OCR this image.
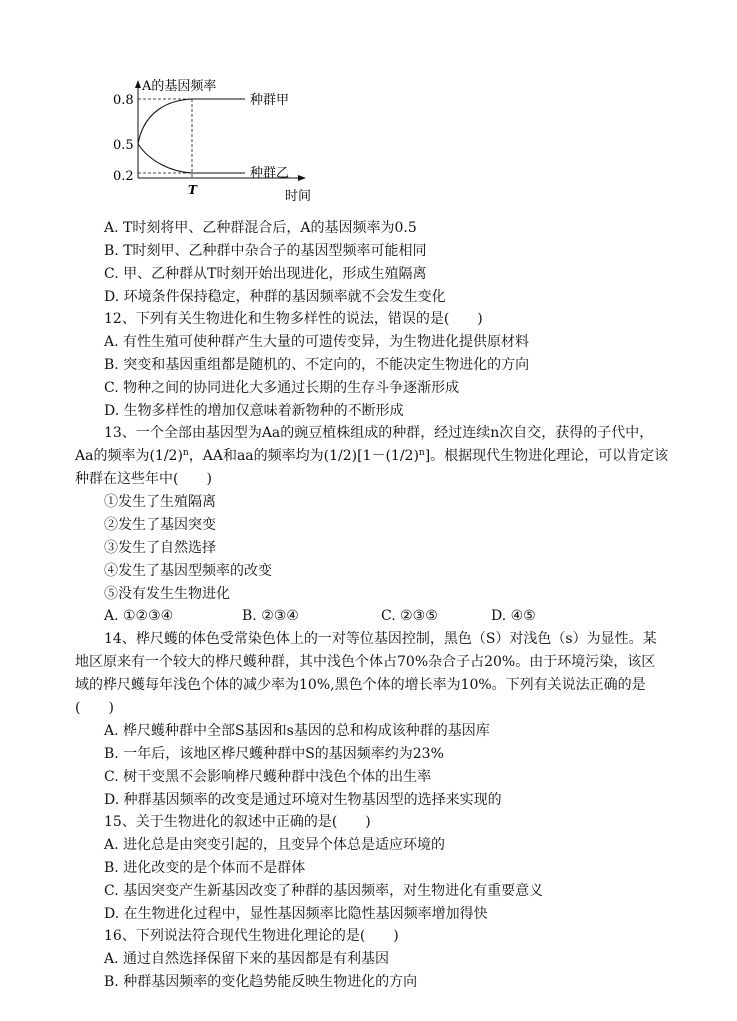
A的基因频率
时间
0.8
0.5
0.2
T
种群甲
种群乙
A. T时刻将甲、乙种群混合后，A的基因频率为0.5
B. T时刻甲、乙种群中杂合子的基因型频率可能相同
C. 甲、乙种群从T时刻开始出现进化，形成生殖隔离
D. 环境条件保持稳定，种群的基因频率就不会发生变化
12、下列有关生物进化和生物多样性的说法，错误的是(　　)
A. 有性生殖可使种群产生大量的可遗传变异，为生物进化提供原材料
B. 突变和基因重组都是随机的、不定向的，不能决定生物进化的方向
C. 物种之间的协同进化大多通过长期的生存斗争逐渐形成
D. 生物多样性的增加仅意味着新物种的不断形成
13、一个全部由基因型为Aa的豌豆植株组成的种群，经过连续n次自交，获得的子代中，
Aa的频率为$(1/2)^n$，AA和aa的频率均为$(1/2)[1-(1/2)^n]$。根据现代生物进化理论，可以肯定该
种群在这些年中(　　)
①发生了生殖隔离
②发生了基因突变
③发生了自然选择
④发生了基因型频率的改变
⑤没有发生生物进化
A. ①②③④	B. ②③④	C. ②③⑤	D. ④⑤
14、桦尺蠖的体色受常染色体上的一对等位基因控制，黑色（S）对浅色（s）为显性。某
地区原来有一个较大的桦尺蠖种群，其中浅色个体占70%杂合子占20%。由于环境污染，该区
域的桦尺蠖每年浅色个体的减少率为10%,黑色个体的增长率为10%。下列有关说法正确的是
(　　)
A. 桦尺蠖种群中全部S基因和s基因的总和构成该种群的基因库
B. 一年后，该地区桦尺蠖种群中S的基因频率约为23%
C. 树干变黑不会影响桦尺蠖种群中浅色个体的出生率
D. 种群基因频率的改变是通过环境对生物基因型的选择来实现的
15、关于生物进化的叙述中正确的是(　　)
A. 进化总是由突变引起的，且变异个体总是适应环境的
B. 进化改变的是个体而不是群体
C. 基因突变产生新基因改变了种群的基因频率，对生物进化有重要意义
D. 在生物进化过程中，显性基因频率比隐性基因频率增加得快
16、下列说法符合现代生物进化理论的是(　　)
A. 通过自然选择保留下来的基因都是有利基因
B. 种群基因频率的变化趋势能反映生物进化的方向
